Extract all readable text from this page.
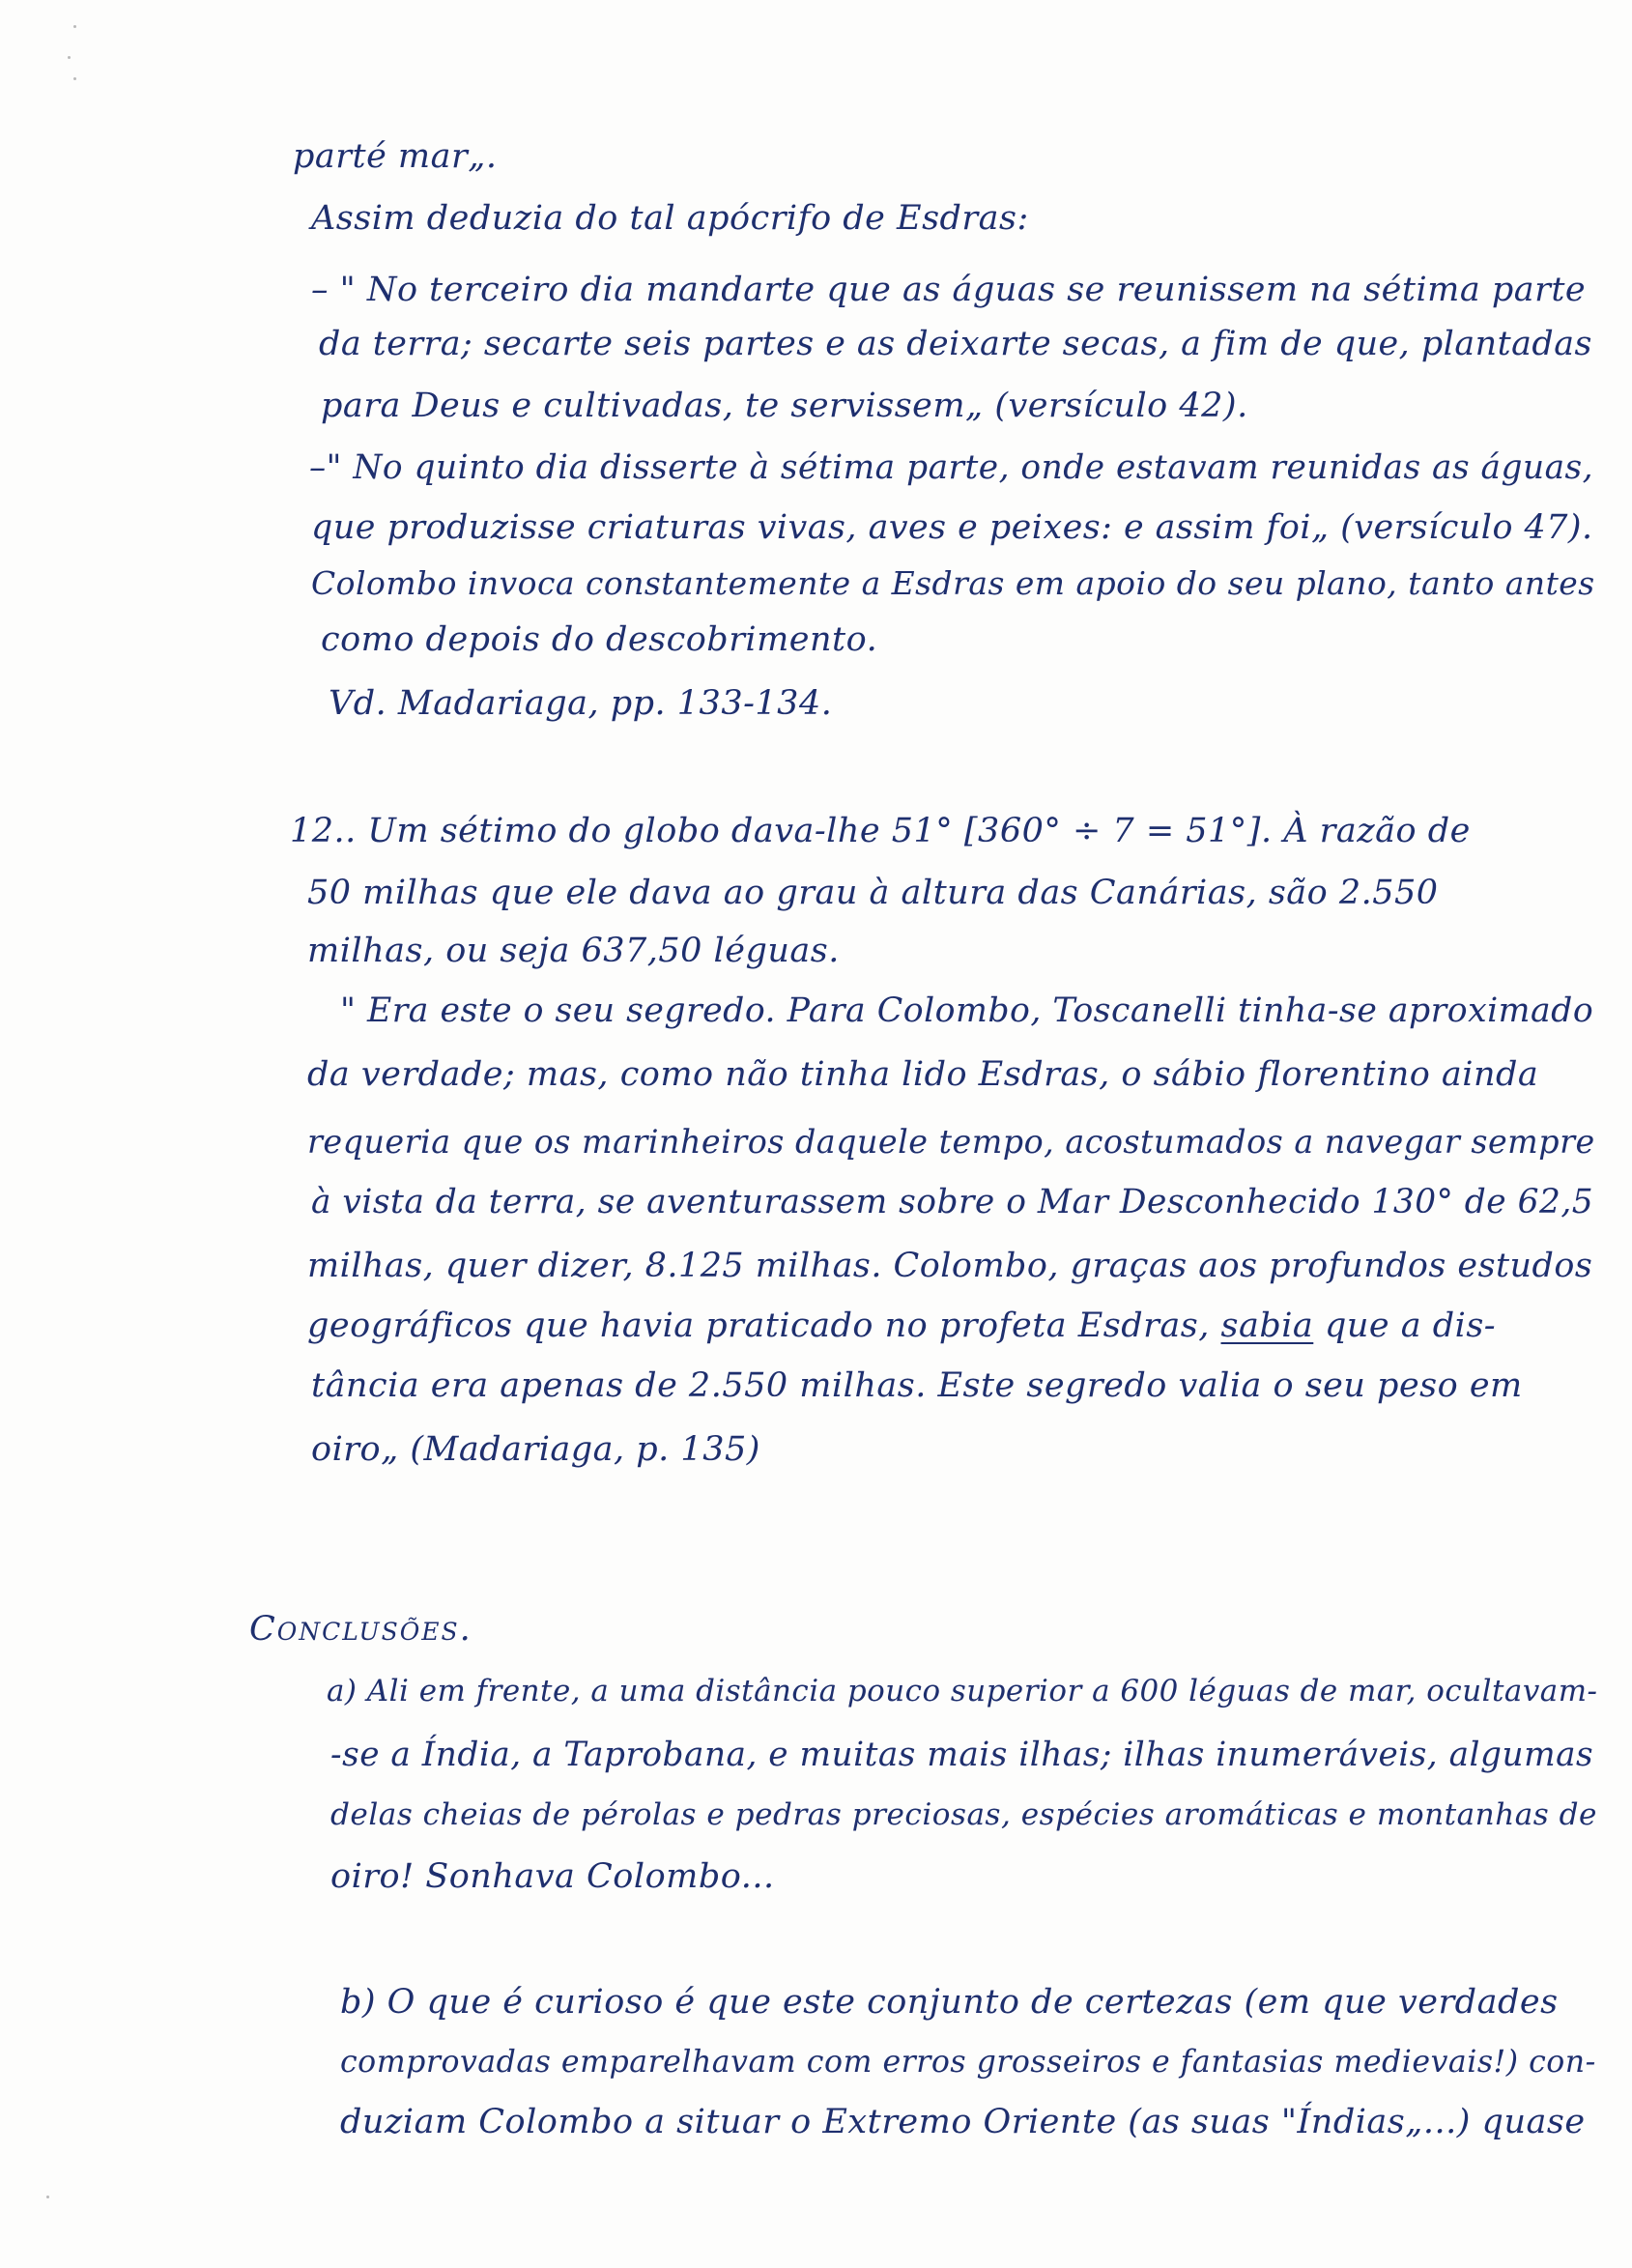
parté mar„.
Assim deduzia do tal apócrifo de Esdras:
– " No terceiro dia mandarte que as águas se reunissem na sétima parte
da terra; secarte seis partes e as deixarte secas, a fim de que, plantadas
para Deus e cultivadas, te servissem„ (versículo 42).
–" No quinto dia disserte à sétima parte, onde estavam reunidas as águas,
que produzisse criaturas vivas, aves e peixes: e assim foi„ (versículo 47).
Colombo invoca constantemente a Esdras em apoio do seu plano, tanto antes
como depois do descobrimento.
Vd. Madariaga, pp. 133-134.
12.. Um sétimo do globo dava-lhe 51° [360° ÷ 7 = 51°]. À razão de
50 milhas que ele dava ao grau à altura das Canárias, são 2.550
milhas, ou seja 637,50 léguas.
" Era este o seu segredo. Para Colombo, Toscanelli tinha-se aproximado
da verdade; mas, como não tinha lido Esdras, o sábio florentino ainda
requeria que os marinheiros daquele tempo, acostumados a navegar sempre
à vista da terra, se aventurassem sobre o Mar Desconhecido 130° de 62,5
milhas, quer dizer, 8.125 milhas. Colombo, graças aos profundos estudos
geográficos que havia praticado no profeta Esdras, sabia que a dis-
tância era apenas de 2.550 milhas. Este segredo valia o seu peso em
oiro„ (Madariaga, p. 135)
Conclusões.
a) Ali em frente, a uma distância pouco superior a 600 léguas de mar, ocultavam-
-se a Índia, a Taprobana, e muitas mais ilhas; ilhas inumeráveis, algumas
delas cheias de pérolas e pedras preciosas, espécies aromáticas e montanhas de
oiro! Sonhava Colombo...
b) O que é curioso é que este conjunto de certezas (em que verdades
comprovadas emparelhavam com erros grosseiros e fantasias medievais!) con-
duziam Colombo a situar o Extremo Oriente (as suas "Índias„...) quase
